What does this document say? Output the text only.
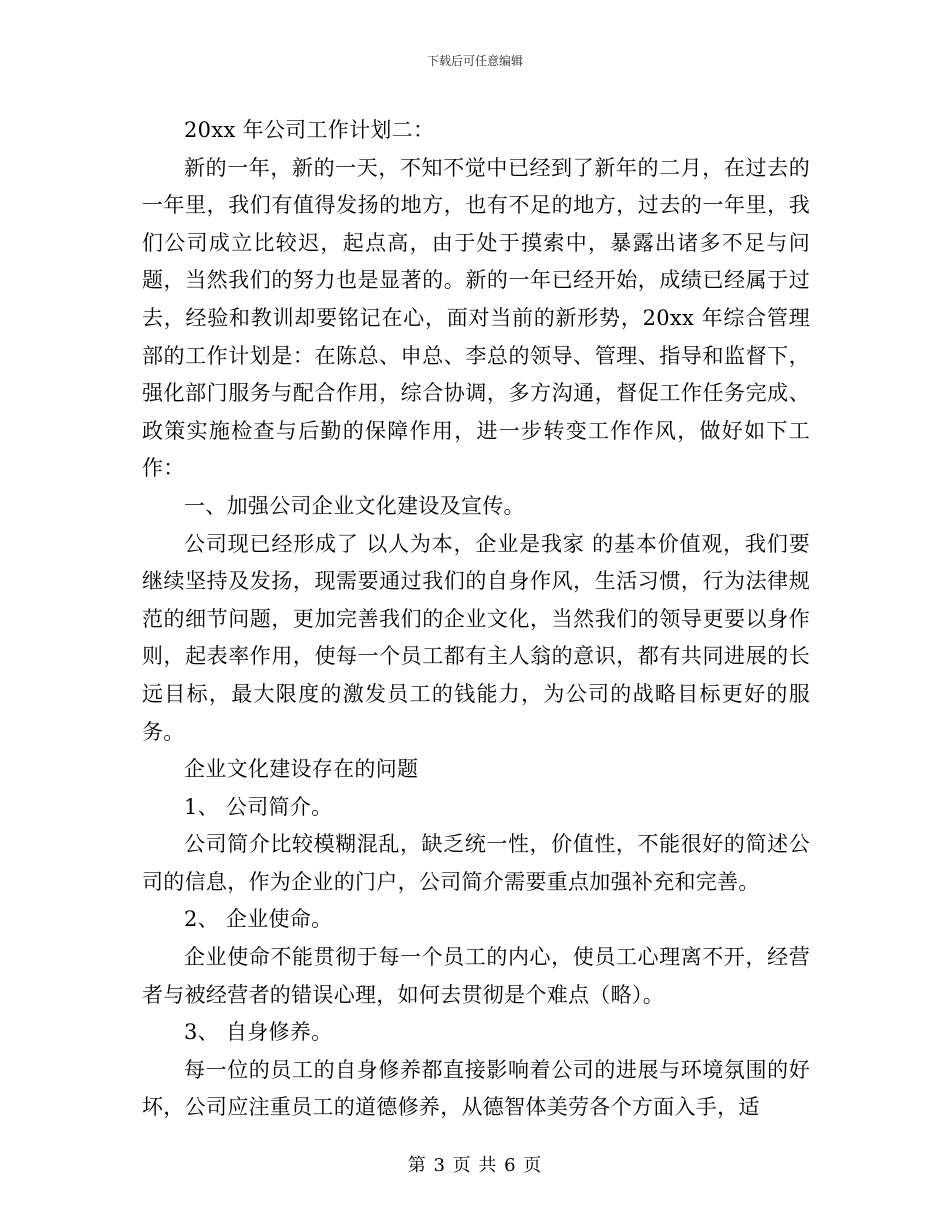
下载后可任意编辑

20xx 年公司工作计划二：

新的一年，新的一天，不知不觉中已经到了新年的二月，在过去的一年里，我们有值得发扬的地方，也有不足的地方，过去的一年里，我们公司成立比较迟，起点高，由于处于摸索中，暴露出诸多不足与问题，当然我们的努力也是显著的。新的一年已经开始，成绩已经属于过去，经验和教训却要铭记在心，面对当前的新形势，20xx 年综合管理部的工作计划是：在陈总、申总、李总的领导、管理、指导和监督下，强化部门服务与配合作用，综合协调，多方沟通，督促工作任务完成、政策实施检查与后勤的保障作用，进一步转变工作作风，做好如下工作：

一、加强公司企业文化建设及宣传。

公司现已经形成了 以人为本，企业是我家 的基本价值观，我们要继续坚持及发扬，现需要通过我们的自身作风，生活习惯，行为法律规范的细节问题，更加完善我们的企业文化，当然我们的领导更要以身作则，起表率作用，使每一个员工都有主人翁的意识，都有共同进展的长远目标，最大限度的激发员工的钱能力，为公司的战略目标更好的服务。

企业文化建设存在的问题

1、 公司简介。

公司简介比较模糊混乱，缺乏统一性，价值性，不能很好的简述公司的信息，作为企业的门户，公司简介需要重点加强补充和完善。

2、 企业使命。

企业使命不能贯彻于每一个员工的内心，使员工心理离不开，经营者与被经营者的错误心理，如何去贯彻是个难点（略）。

3、 自身修养。

每一位的员工的自身修养都直接影响着公司的进展与环境氛围的好坏，公司应注重员工的道德修养，从德智体美劳各个方面入手，适

第 3 页 共 6 页
